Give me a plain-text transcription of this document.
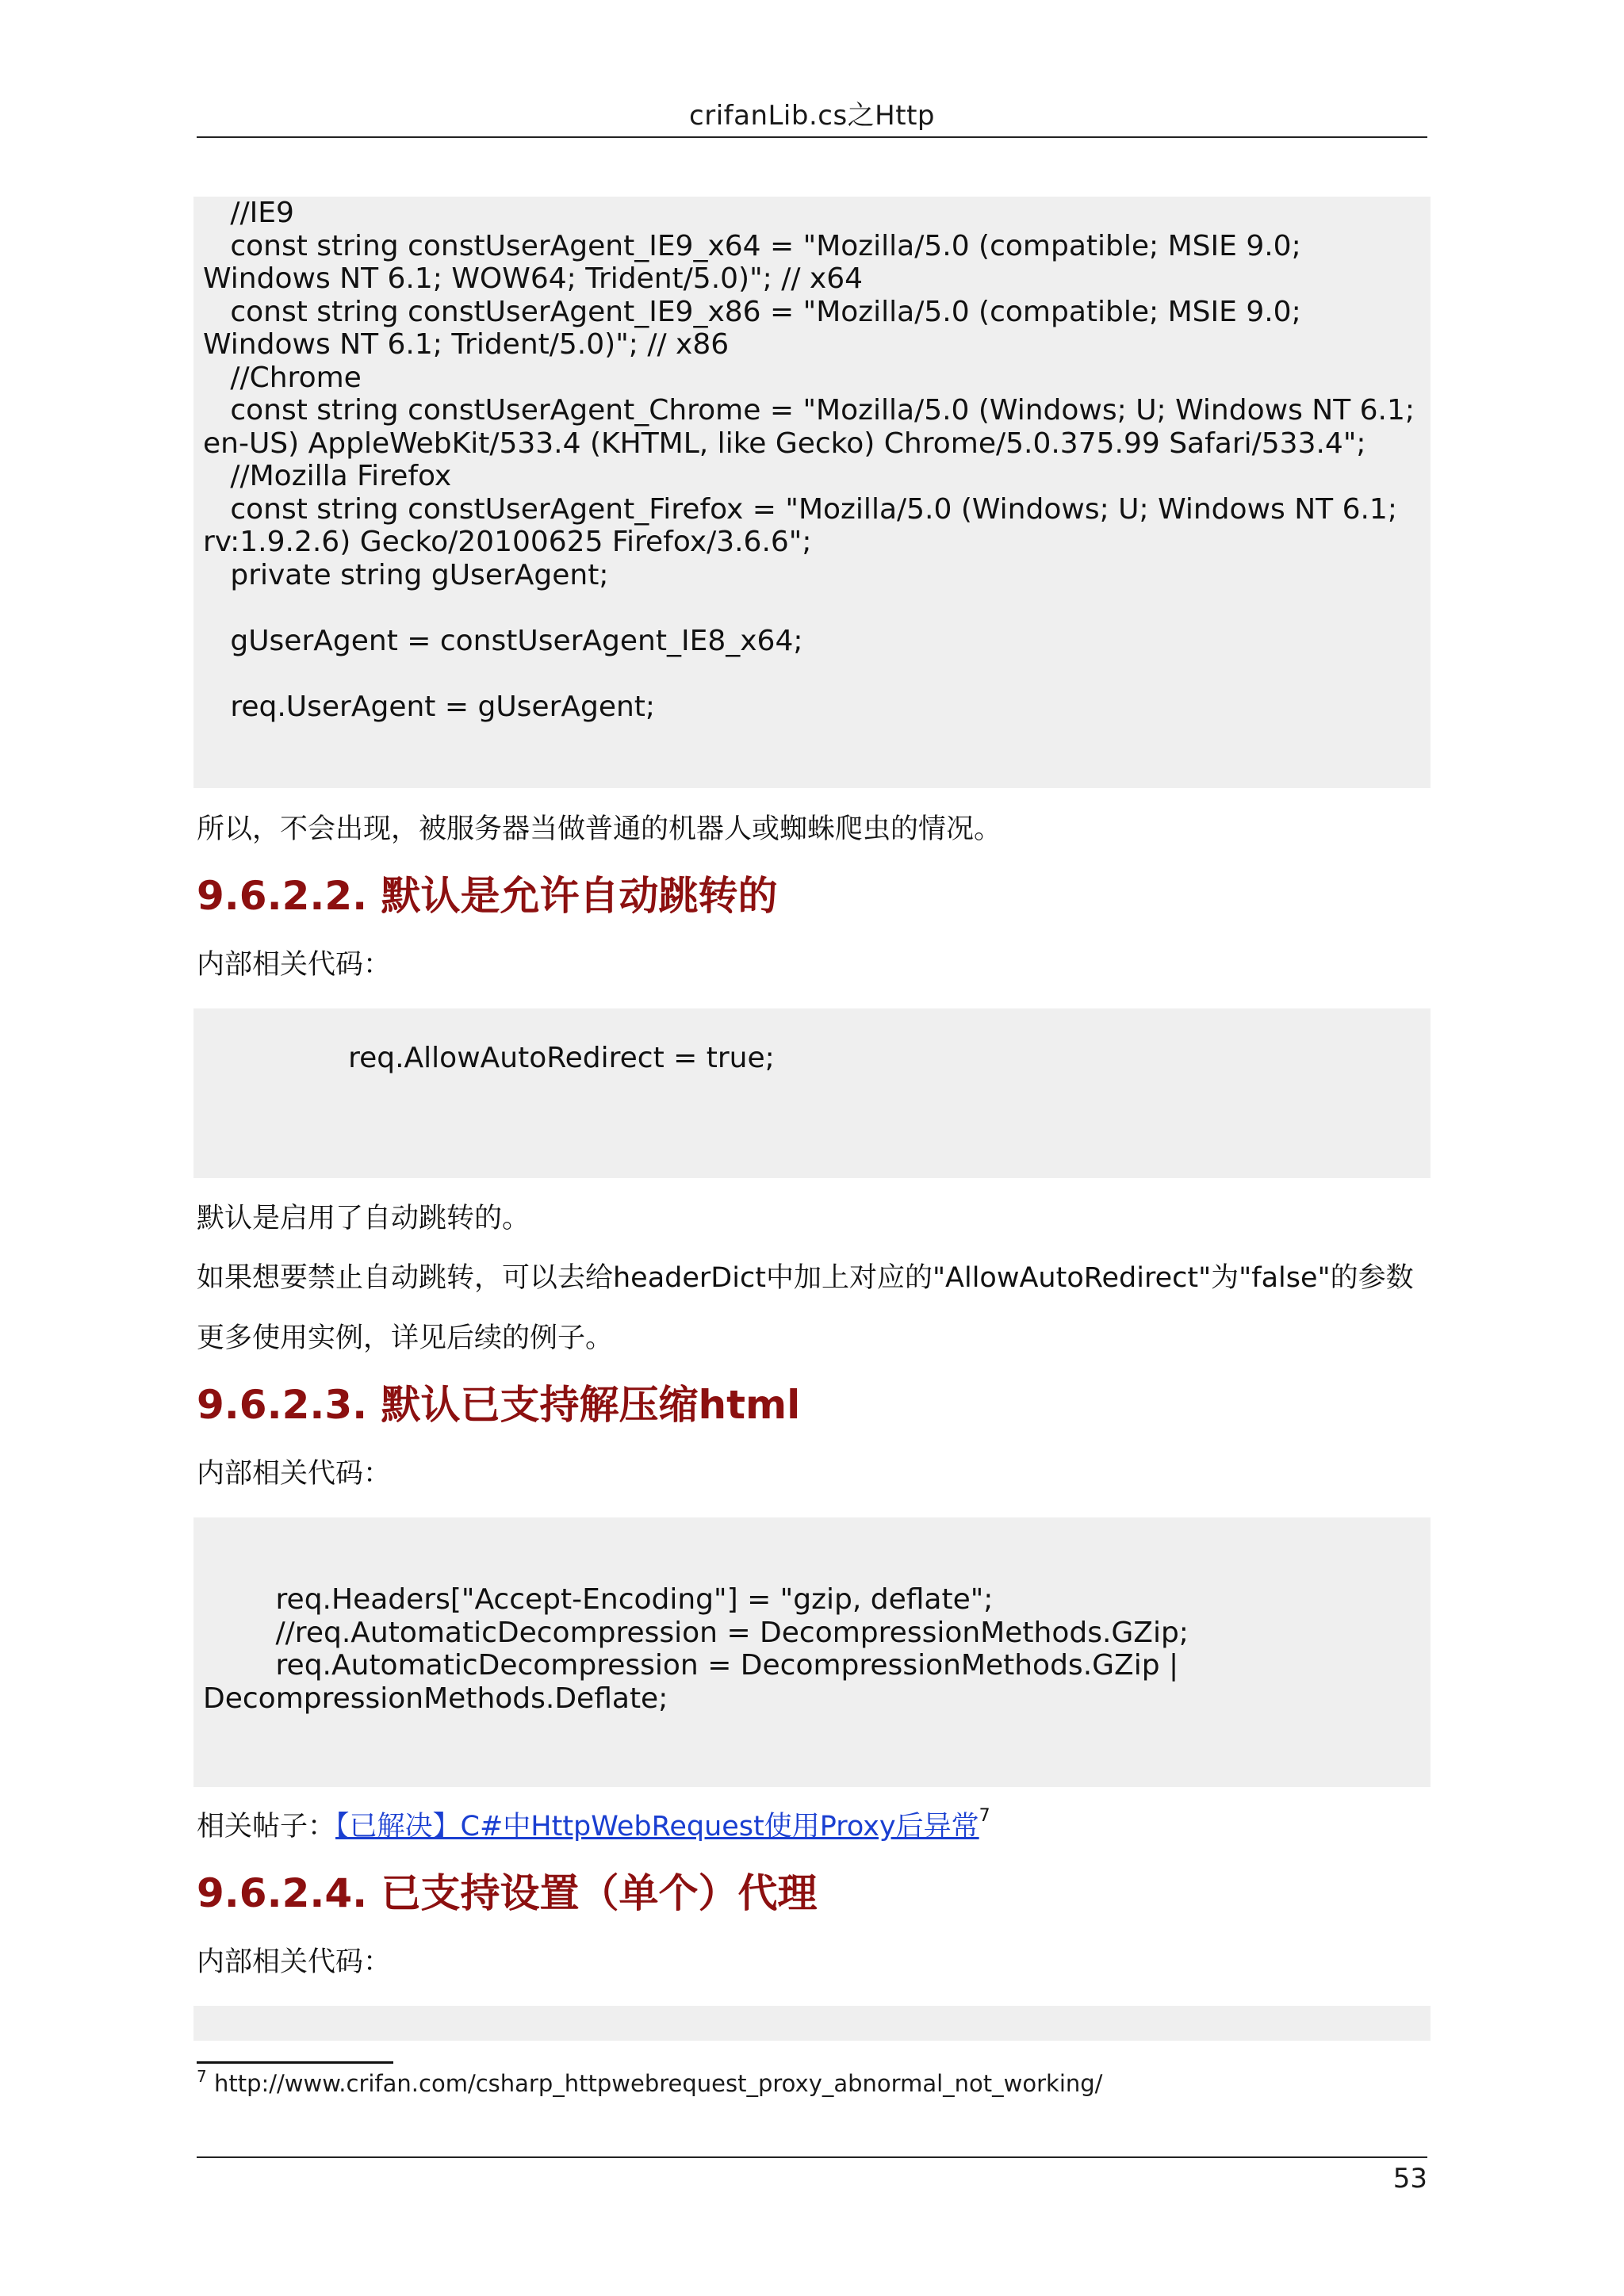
crifanLib.cs之Http
//IE9
const string constUserAgent_IE9_x64 = "Mozilla/5.0 (compatible; MSIE 9.0; Windows NT 6.1; WOW64; Trident/5.0)"; // x64
const string constUserAgent_IE9_x86 = "Mozilla/5.0 (compatible; MSIE 9.0; Windows NT 6.1; Trident/5.0)"; // x86
//Chrome
const string constUserAgent_Chrome = "Mozilla/5.0 (Windows; U; Windows NT 6.1; en-US) AppleWebKit/533.4 (KHTML, like Gecko) Chrome/5.0.375.99 Safari/533.4";
//Mozilla Firefox
const string constUserAgent_Firefox = "Mozilla/5.0 (Windows; U; Windows NT 6.1; rv:1.9.2.6) Gecko/20100625 Firefox/3.6.6";
private string gUserAgent;

gUserAgent = constUserAgent_IE8_x64;

req.UserAgent = gUserAgent;
所以，不会出现，被服务器当做普通的机器人或蜘蛛爬虫的情况。
9.6.2.2. 默认是允许自动跳转的
内部相关代码：

req.AllowAutoRedirect = true;
默认是启用了自动跳转的。
如果想要禁止自动跳转，可以去给headerDict中加上对应的"AllowAutoRedirect"为"false"的参数
更多使用实例，详见后续的例子。
9.6.2.3. 默认已支持解压缩html
内部相关代码：

req.Headers["Accept-Encoding"] = "gzip, deflate";
//req.AutomaticDecompression = DecompressionMethods.GZip;
req.AutomaticDecompression = DecompressionMethods.GZip | DecompressionMethods.Deflate;
相关帖子：【已解决】C#中HttpWebRequest使用Proxy后异常$^7$
9.6.2.4. 已支持设置（单个）代理
内部相关代码：
$^7$ http://www.crifan.com/csharp_httpwebrequest_proxy_abnormal_not_working/
53
